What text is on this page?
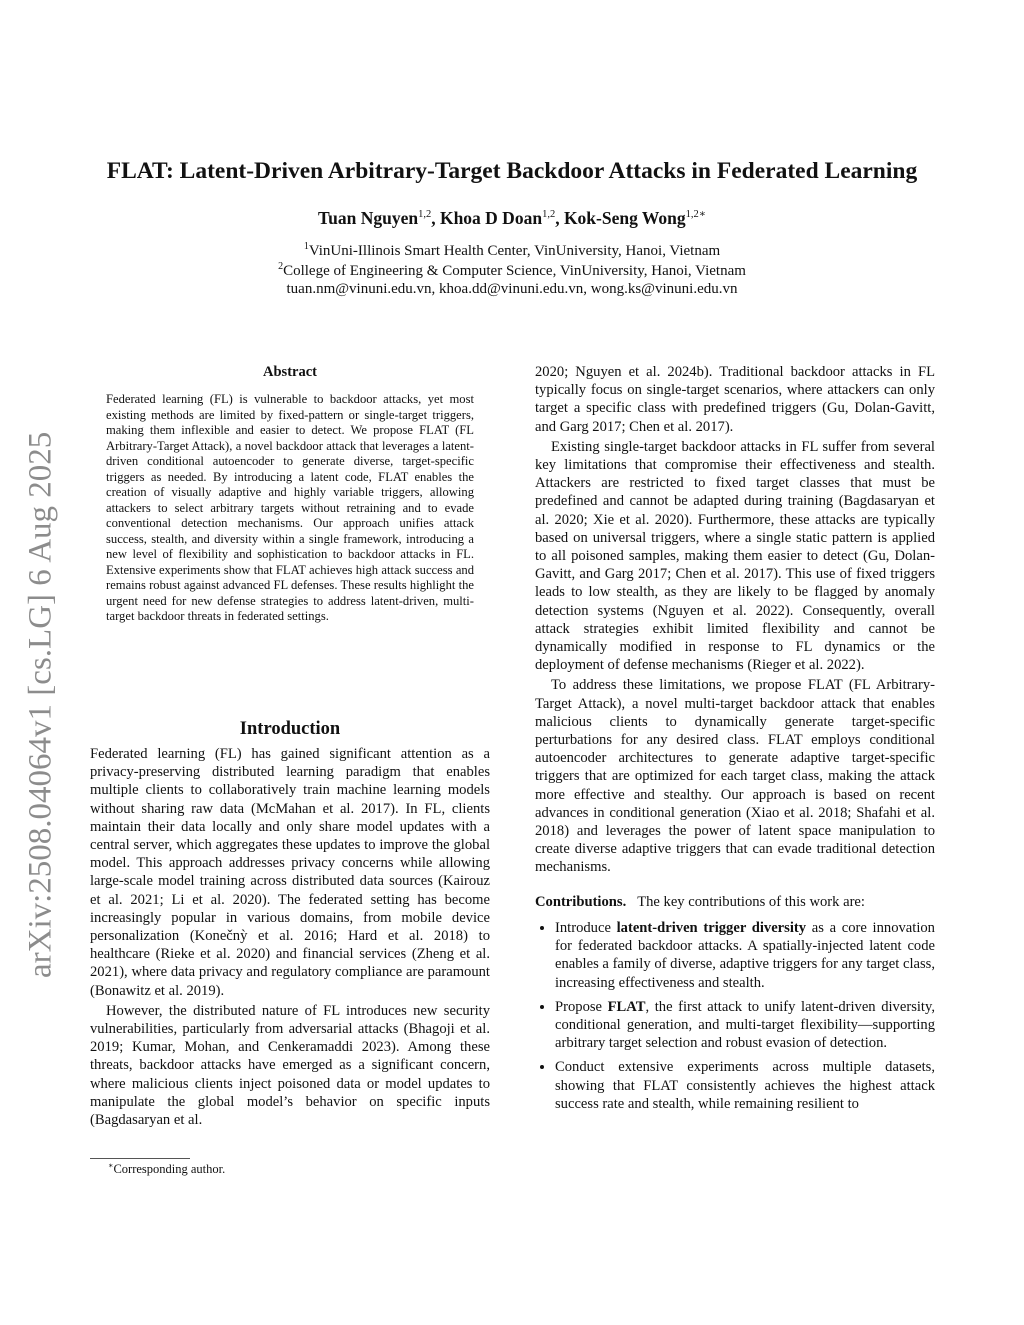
arXiv:2508.04064v1 [cs.LG] 6 Aug 2025
FLAT: Latent-Driven Arbitrary-Target Backdoor Attacks in Federated Learning
Tuan Nguyen$^{1,2}$, Khoa D Doan$^{1,2}$, Kok-Seng Wong$^{1,2∗}$
$^1$VinUni-Illinois Smart Health Center, VinUniversity, Hanoi, Vietnam
$^2$College of Engineering & Computer Science, VinUniversity, Hanoi, Vietnam
tuan.nm@vinuni.edu.vn, khoa.dd@vinuni.edu.vn, wong.ks@vinuni.edu.vn
Abstract
Federated learning (FL) is vulnerable to backdoor attacks, yet most existing methods are limited by fixed-pattern or single-target triggers, making them inflexible and easier to detect. We propose FLAT (FL Arbitrary-Target Attack), a novel backdoor attack that leverages a latent-driven conditional autoencoder to generate diverse, target-specific triggers as needed. By introducing a latent code, FLAT enables the creation of visually adaptive and highly variable triggers, allowing attackers to select arbitrary targets without retraining and to evade conventional detection mechanisms. Our approach unifies attack success, stealth, and diversity within a single framework, introducing a new level of flexibility and sophistication to backdoor attacks in FL. Extensive experiments show that FLAT achieves high attack success and remains robust against advanced FL defenses. These results highlight the urgent need for new defense strategies to address latent-driven, multi-target backdoor threats in federated settings.
Introduction

Federated learning (FL) has gained significant attention as a privacy-preserving distributed learning paradigm that enables multiple clients to collaboratively train machine learning models without sharing raw data (McMahan et al. 2017). In FL, clients maintain their data locally and only share model updates with a central server, which aggregates these updates to improve the global model. This approach addresses privacy concerns while allowing large-scale model training across distributed data sources (Kairouz et al. 2021; Li et al. 2020). The federated setting has become increasingly popular in various domains, from mobile device personalization (Konečnỳ et al. 2016; Hard et al. 2018) to healthcare (Rieke et al. 2020) and financial services (Zheng et al. 2021), where data privacy and regulatory compliance are paramount (Bonawitz et al. 2019).

However, the distributed nature of FL introduces new security vulnerabilities, particularly from adversarial attacks (Bhagoji et al. 2019; Kumar, Mohan, and Cenkeramaddi 2023). Among these threats, backdoor attacks have emerged as a significant concern, where malicious clients inject poisoned data or model updates to manipulate the global model’s behavior on specific inputs (Bagdasaryan et al.

2020; Nguyen et al. 2024b). Traditional backdoor attacks in FL typically focus on single-target scenarios, where attackers can only target a specific class with predefined triggers (Gu, Dolan-Gavitt, and Garg 2017; Chen et al. 2017).

Existing single-target backdoor attacks in FL suffer from several key limitations that compromise their effectiveness and stealth. Attackers are restricted to fixed target classes that must be predefined and cannot be adapted during training (Bagdasaryan et al. 2020; Xie et al. 2020). Furthermore, these attacks are typically based on universal triggers, where a single static pattern is applied to all poisoned samples, making them easier to detect (Gu, Dolan-Gavitt, and Garg 2017; Chen et al. 2017). This use of fixed triggers leads to low stealth, as they are likely to be flagged by anomaly detection systems (Nguyen et al. 2022). Consequently, overall attack strategies exhibit limited flexibility and cannot be dynamically modified in response to FL dynamics or the deployment of defense mechanisms (Rieger et al. 2022).

To address these limitations, we propose FLAT (FL Arbitrary-Target Attack), a novel multi-target backdoor attack that enables malicious clients to dynamically generate target-specific perturbations for any desired class. FLAT employs conditional autoencoder architectures to generate adaptive target-specific triggers that are optimized for each target class, making the attack more effective and stealthy. Our approach is based on recent advances in conditional generation (Xiao et al. 2018; Shafahi et al. 2018) and leverages the power of latent space manipulation to create diverse adaptive triggers that can evade traditional detection mechanisms.

Contributions. The key contributions of this work are:

• Introduce latent-driven trigger diversity as a core innovation for federated backdoor attacks. A spatially-injected latent code enables a family of diverse, adaptive triggers for any target class, increasing effectiveness and stealth.
• Propose FLAT, the first attack to unify latent-driven diversity, conditional generation, and multi-target flexibility—supporting arbitrary target selection and robust evasion of detection.
• Conduct extensive experiments across multiple datasets, showing that FLAT consistently achieves the highest attack success rate and stealth, while remaining resilient to
∗Corresponding author.
